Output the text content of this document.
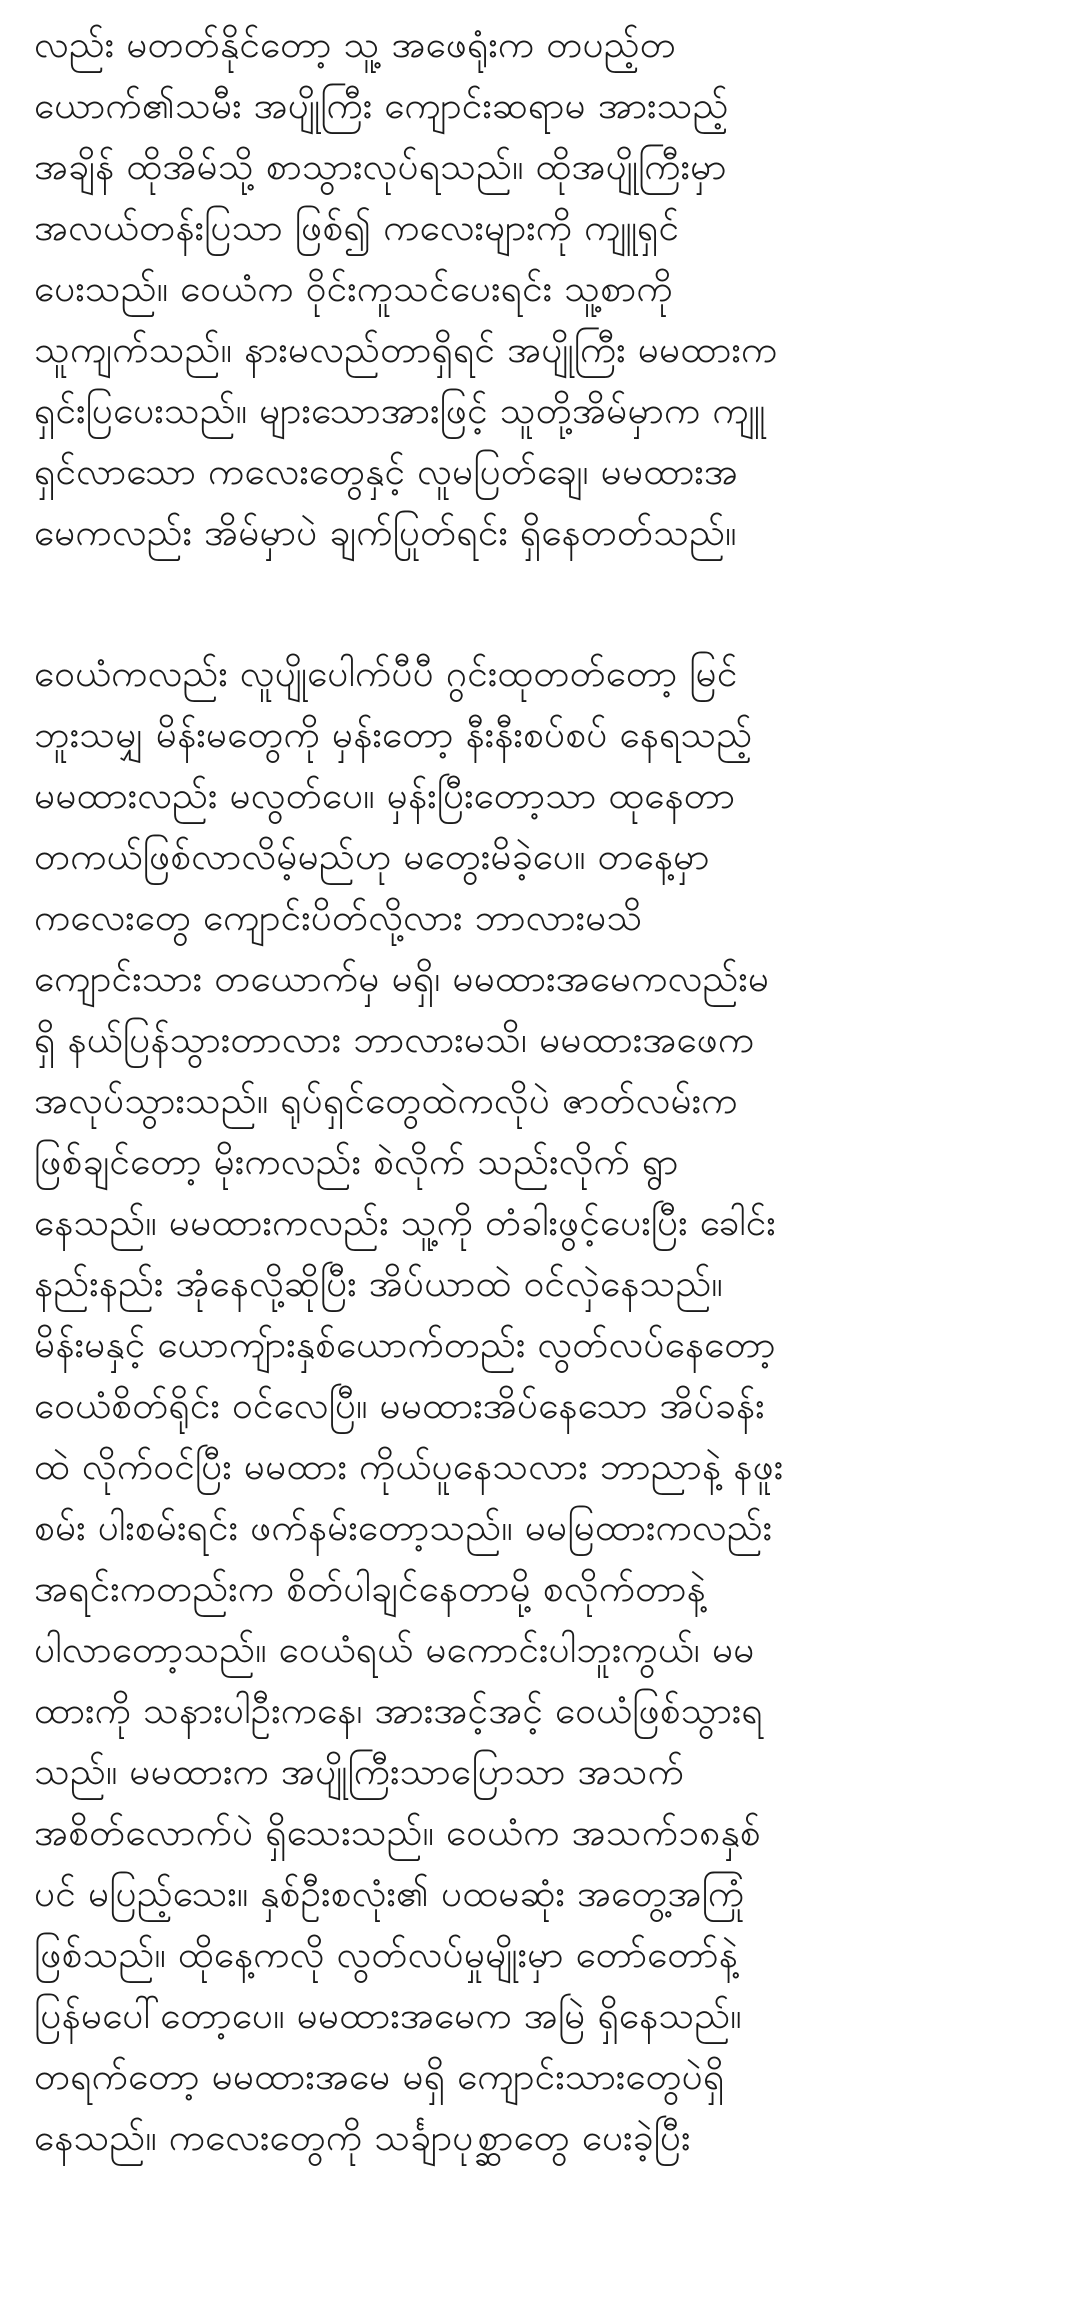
လည်း မတတ်နိုင်တော့ သူ့ အဖေရုံးက တပည့်တ
ယောက်၏သမီး အပျိုကြီး ကျောင်းဆရာမ အားသည့်
အချိန် ထိုအိမ်သို့ စာသွားလုပ်ရသည်။ ထိုအပျိုကြီးမှာ
အလယ်တန်းပြသာ ဖြစ်၍ ကလေးများကို ကျူရှင်
ပေးသည်။ ဝေယံက ဝိုင်းကူသင်ပေးရင်း သူ့စာကို
သူကျက်သည်။ နားမလည်တာရှိရင် အပျိုကြီး မမထားက
ရှင်းပြပေးသည်။ များသောအားဖြင့် သူတို့အိမ်မှာက ကျူ
ရှင်လာသော ကလေးတွေနှင့် လူမပြတ်ချေ၊ မမထားအ
မေကလည်း အိမ်မှာပဲ ချက်ပြုတ်ရင်း ရှိနေတတ်သည်။
ဝေယံကလည်း လူပျိုပေါက်ပီပီ ဂွင်းထုတတ်တော့ မြင်
ဘူးသမျှ မိန်းမတွေကို မှန်းတော့ နီးနီးစပ်စပ် နေရသည့်
မမထားလည်း မလွတ်ပေ။ မှန်းပြီးတော့သာ ထုနေတာ
တကယ်ဖြစ်လာလိမ့်မည်ဟု မတွေးမိခဲ့ပေ။ တနေ့မှာ
ကလေးတွေ ကျောင်းပိတ်လို့လား ဘာလားမသိ
ကျောင်းသား တယောက်မှ မရှိ၊ မမထားအမေကလည်းမ
ရှိ နယ်ပြန်သွားတာလား ဘာလားမသိ၊ မမထားအဖေက
အလုပ်သွားသည်။ ရုပ်ရှင်တွေထဲကလိုပဲ ဇာတ်လမ်းက
ဖြစ်ချင်တော့ မိုးကလည်း စဲလိုက် သည်းလိုက် ရွာ
နေသည်။ မမထားကလည်း သူ့ကို တံခါးဖွင့်ပေးပြီး ခေါင်း
နည်းနည်း အုံနေလို့ဆိုပြီး အိပ်ယာထဲ ဝင်လှဲနေသည်။
မိန်းမနှင့် ယောကျ်ားနှစ်ယောက်တည်း လွတ်လပ်နေတော့
ဝေယံစိတ်ရိုင်း ဝင်လေပြီ။ မမထားအိပ်နေသော အိပ်ခန်း
ထဲ လိုက်ဝင်ပြီး မမထား ကိုယ်ပူနေသလား ဘာညာနဲ့ နဖူး
စမ်း ပါးစမ်းရင်း ဖက်နမ်းတော့သည်။ မမမြထားကလည်း
အရင်းကတည်းက စိတ်ပါချင်နေတာမို့ စလိုက်တာနဲ့
ပါလာတော့သည်။ ဝေယံရယ် မကောင်းပါဘူးကွယ်၊ မမ
ထားကို သနားပါဦးကနေ၊ အားအင့်အင့် ဝေယံဖြစ်သွားရ
သည်။ မမထားက အပျိုကြီးသာပြောသာ အသက်
အစိတ်လောက်ပဲ ရှိသေးသည်။ ဝေယံက အသက်၁၈နှစ်
ပင် မပြည့်သေး။ နှစ်ဦးစလုံး၏ ပထမဆုံး အတွေ့အကြုံ
ဖြစ်သည်။ ထိုနေ့ကလို လွတ်လပ်မှုမျိုးမှာ တော်တော်နဲ့
ပြန်မပေါ်တော့ပေ။ မမထားအမေက အမြဲ ရှိနေသည်။
တရက်တော့ မမထားအမေ မရှိ ကျောင်းသားတွေပဲရှိ
နေသည်။ ကလေးတွေကို သင်္ချာပုစ္ဆာတွေ ပေးခဲ့ပြီး
